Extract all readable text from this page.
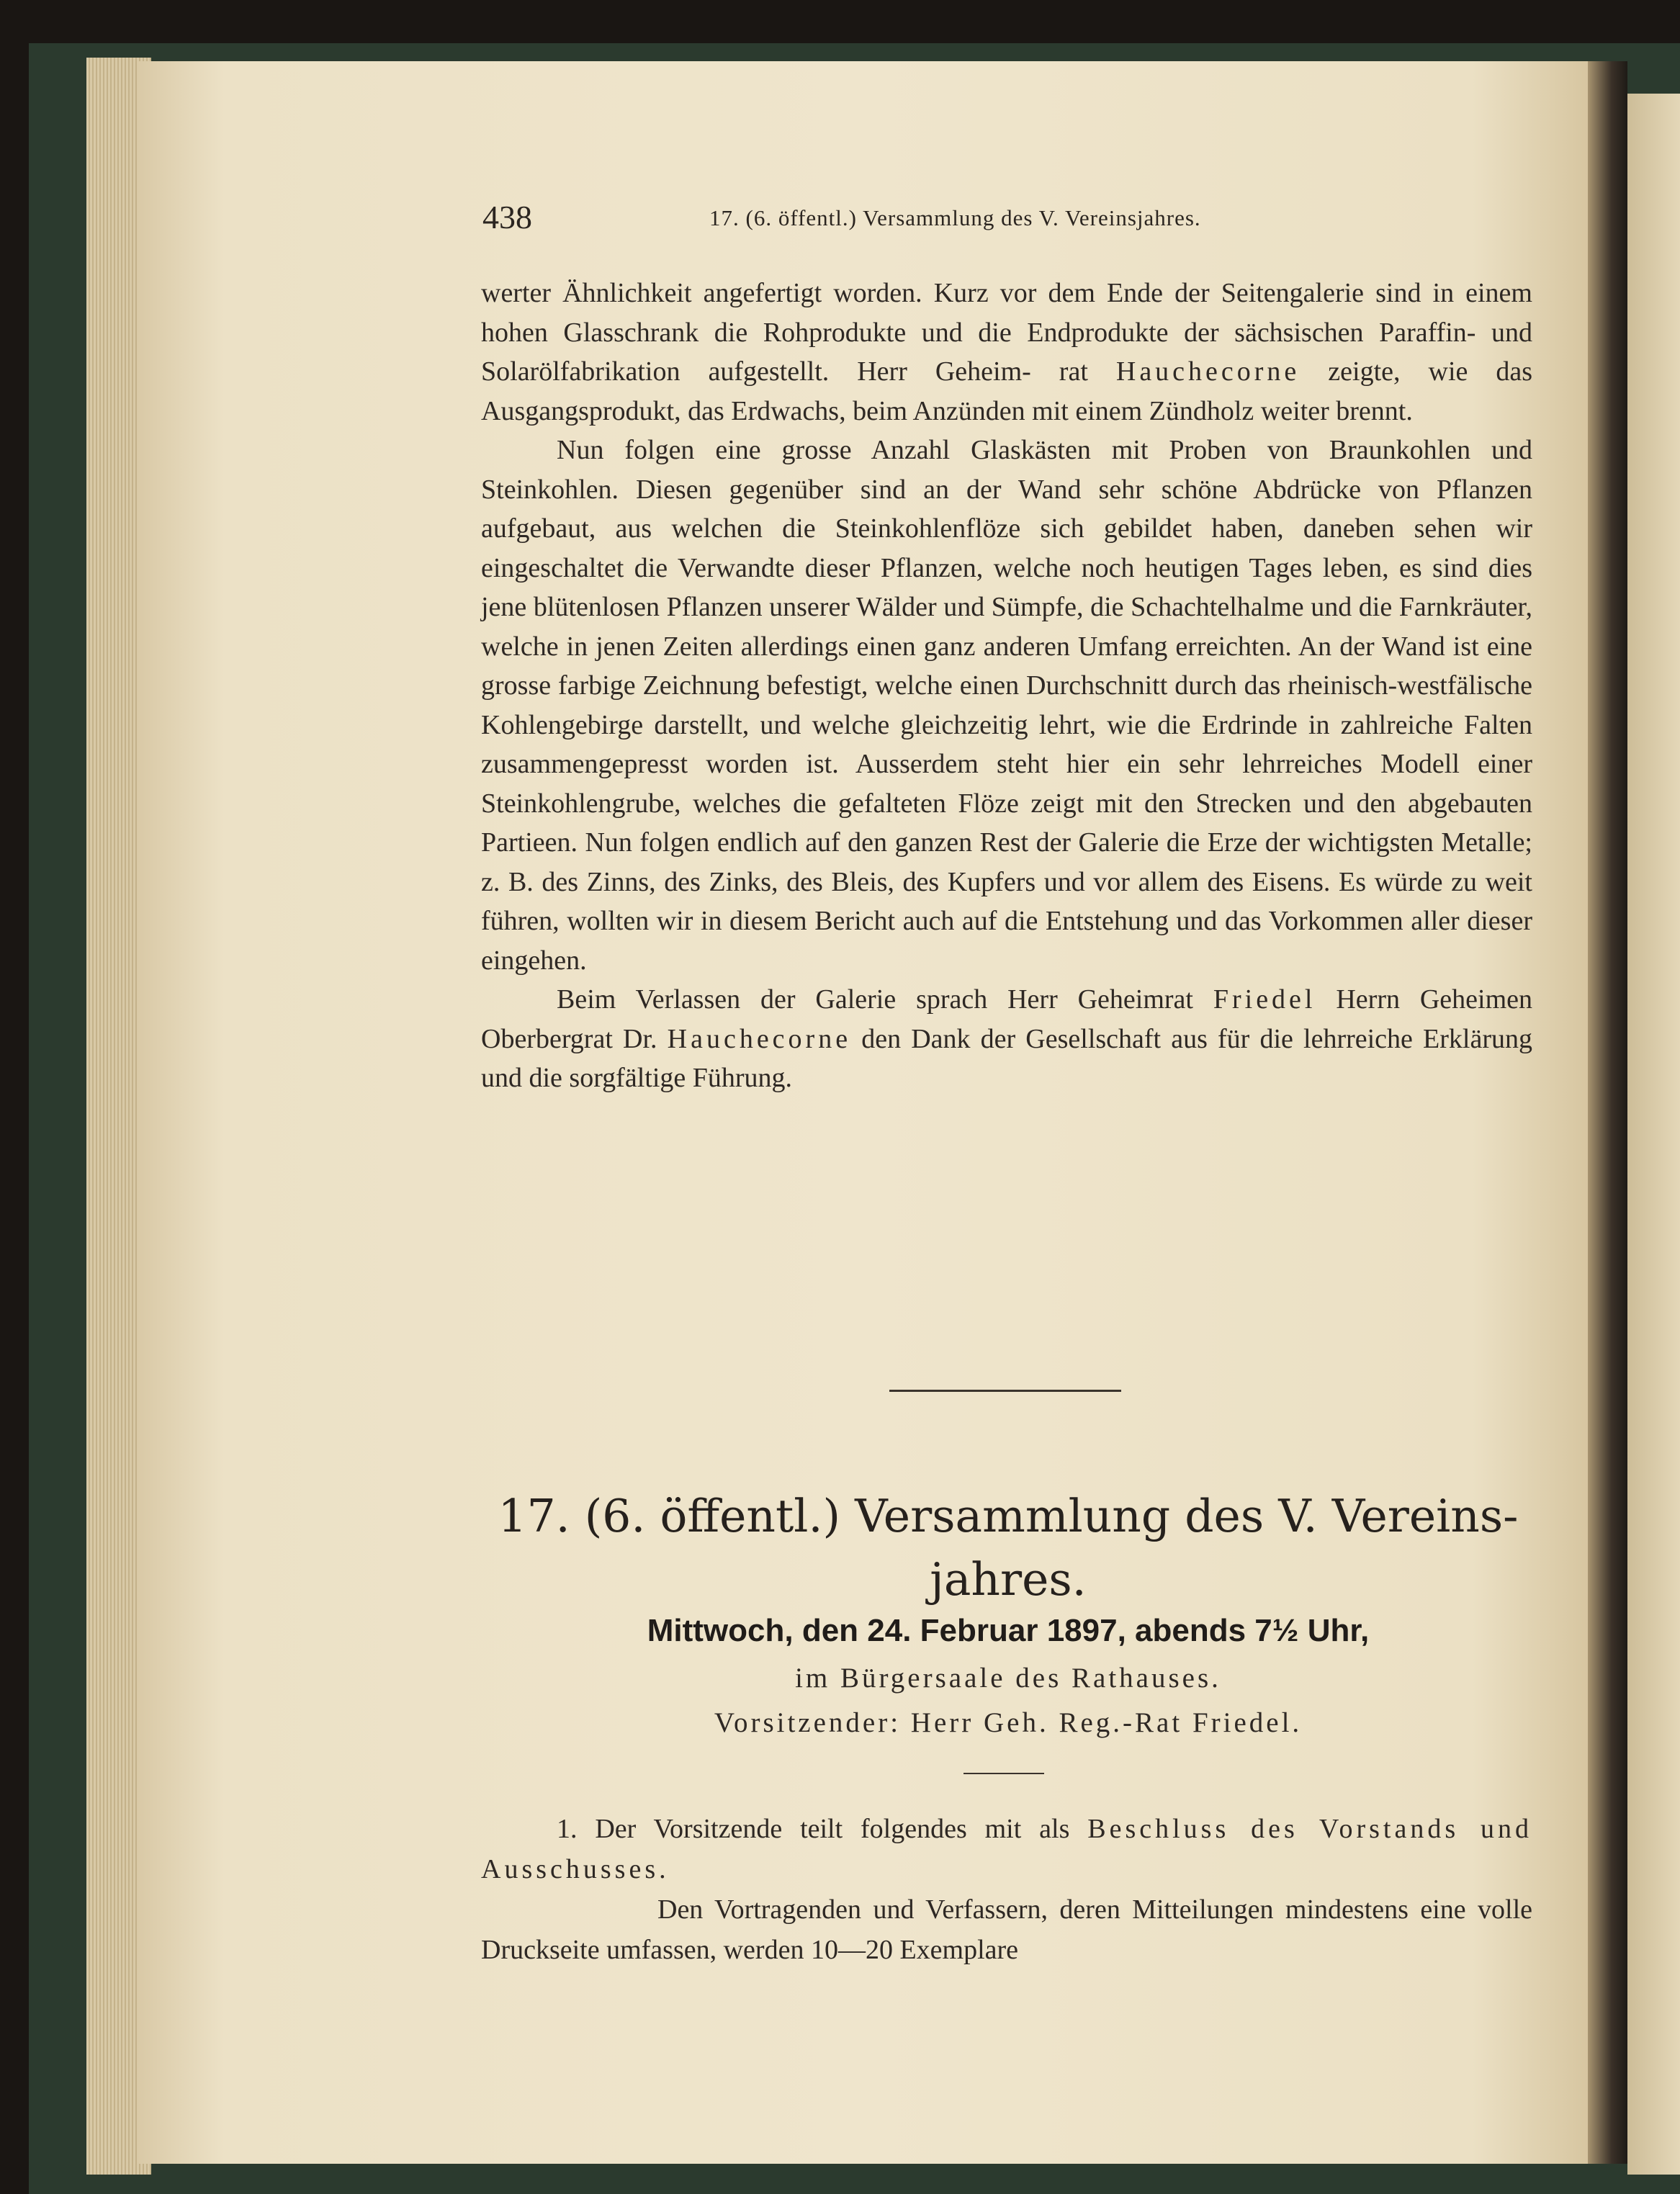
438	17. (6. öffentl.) Versammlung des V. Vereinsjahres.

werter Ähnlichkeit angefertigt worden. Kurz vor dem Ende der Seitengalerie sind in einem hohen Glasschrank die Rohprodukte und die Endprodukte der sächsischen Paraffin- und Solarölfabrikation aufgestellt. Herr Geheim- rat Hauchecorne zeigte, wie das Ausgangsprodukt, das Erdwachs, beim Anzünden mit einem Zündholz weiter brennt.

Nun folgen eine grosse Anzahl Glaskästen mit Proben von Braunkohlen und Steinkohlen. Diesen gegenüber sind an der Wand sehr schöne Abdrücke von Pflanzen aufgebaut, aus welchen die Steinkohlenflöze sich gebildet haben, daneben sehen wir eingeschaltet die Verwandte dieser Pflanzen, welche noch heutigen Tages leben, es sind dies jene blütenlosen Pflanzen unserer Wälder und Sümpfe, die Schachtelhalme und die Farnkräuter, welche in jenen Zeiten allerdings einen ganz anderen Umfang erreichten. An der Wand ist eine grosse farbige Zeichnung befestigt, welche einen Durchschnitt durch das rheinisch-westfälische Kohlengebirge darstellt, und welche gleichzeitig lehrt, wie die Erdrinde in zahlreiche Falten zusammengepresst worden ist. Ausserdem steht hier ein sehr lehrreiches Modell einer Steinkohlengrube, welches die gefalteten Flöze zeigt mit den Strecken und den abgebauten Partieen. Nun folgen endlich auf den ganzen Rest der Galerie die Erze der wichtigsten Metalle; z. B. des Zinns, des Zinks, des Bleis, des Kupfers und vor allem des Eisens. Es würde zu weit führen, wollten wir in diesem Bericht auch auf die Entstehung und das Vorkommen aller dieser eingehen.

Beim Verlassen der Galerie sprach Herr Geheimrat Friedel Herrn Geheimen Oberbergrat Dr. Hauchecorne den Dank der Gesellschaft aus für die lehrreiche Erklärung und die sorgfältige Führung.

17. (6. öffentl.) Versammlung des V. Vereins-
jahres.
Mittwoch, den 24. Februar 1897, abends 7½ Uhr,
im Bürgersaale des Rathauses.
Vorsitzender: Herr Geh. Reg.-Rat Friedel.

1. Der Vorsitzende teilt folgendes mit als Beschluss des Vorstands und Ausschusses.

Den Vortragenden und Verfassern, deren Mitteilungen mindestens eine volle Druckseite umfassen, werden 10—20 Exemplare
